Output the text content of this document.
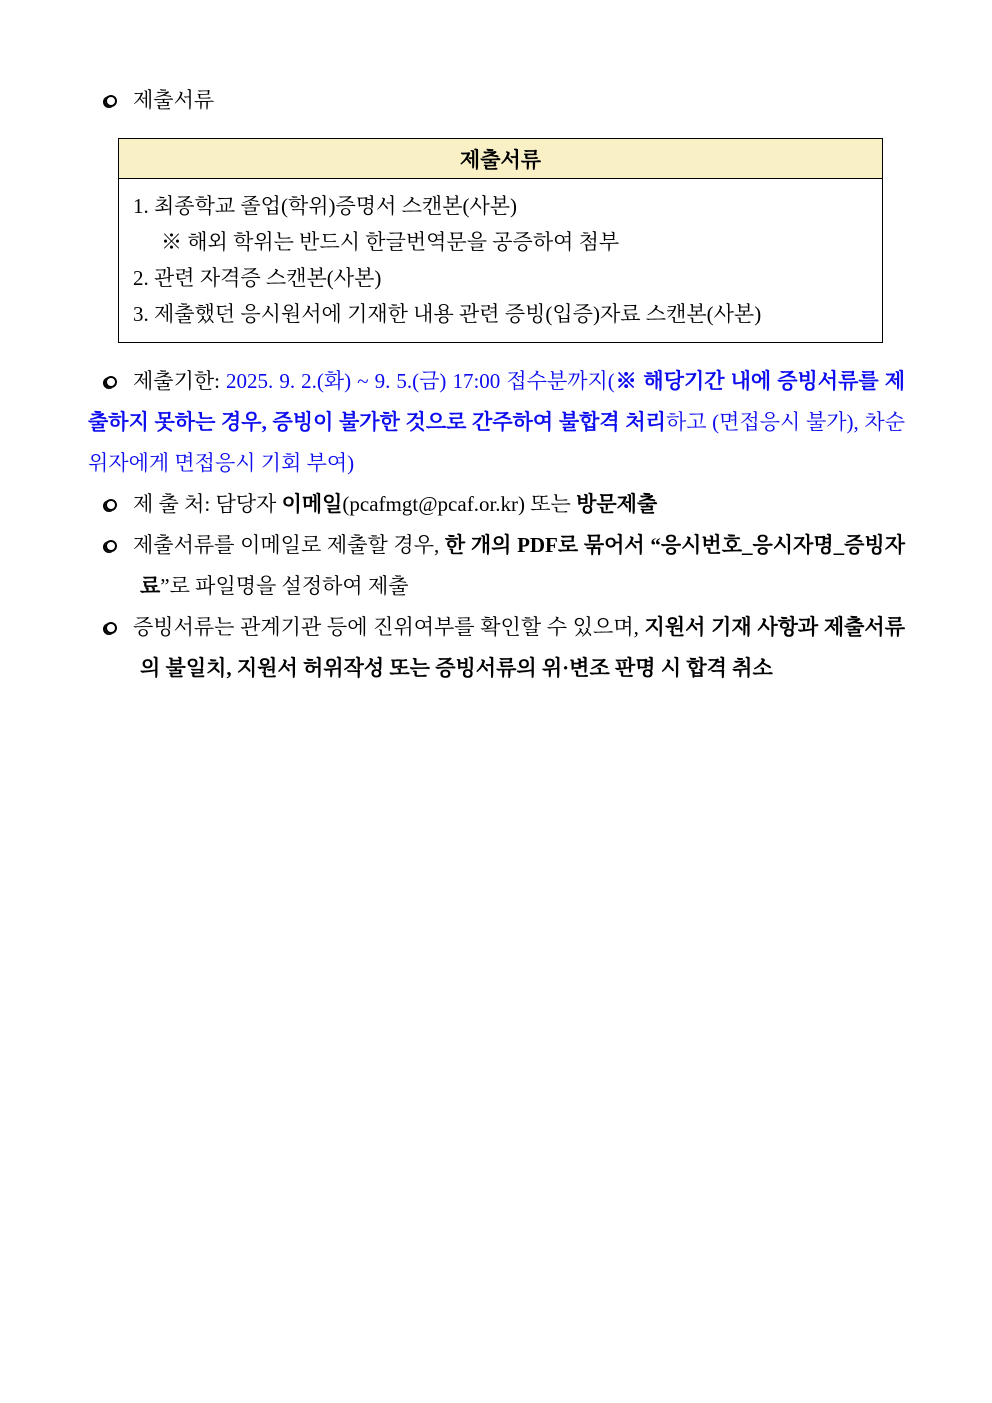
제출서류

제출서류

1. 최종학교 졸업(학위)증명서 스캔본(사본)
※ 해외 학위는 반드시 한글번역문을 공증하여 첨부
2. 관련 자격증 스캔본(사본)
3. 제출했던 응시원서에 기재한 내용 관련 증빙(입증)자료 스캔본(사본)

제출기한: 2025. 9. 2.(화) ~ 9. 5.(금) 17:00 접수분까지(※ 해당기간 내에 증빙서류를 제출하지 못하는 경우, 증빙이 불가한 것으로 간주하여 불합격 처리하고 (면접응시 불가), 차순위자에게 면접응시 기회 부여)

제 출 처: 담당자 이메일(pcafmgt@pcaf.or.kr) 또는 방문제출

제출서류를 이메일로 제출할 경우, 한 개의 PDF로 묶어서 “응시번호_응시자명_증빙자료”로 파일명을 설정하여 제출

증빙서류는 관계기관 등에 진위여부를 확인할 수 있으며, 지원서 기재 사항과 제출서류의 불일치, 지원서 허위작성 또는 증빙서류의 위·변조 판명 시 합격 취소
